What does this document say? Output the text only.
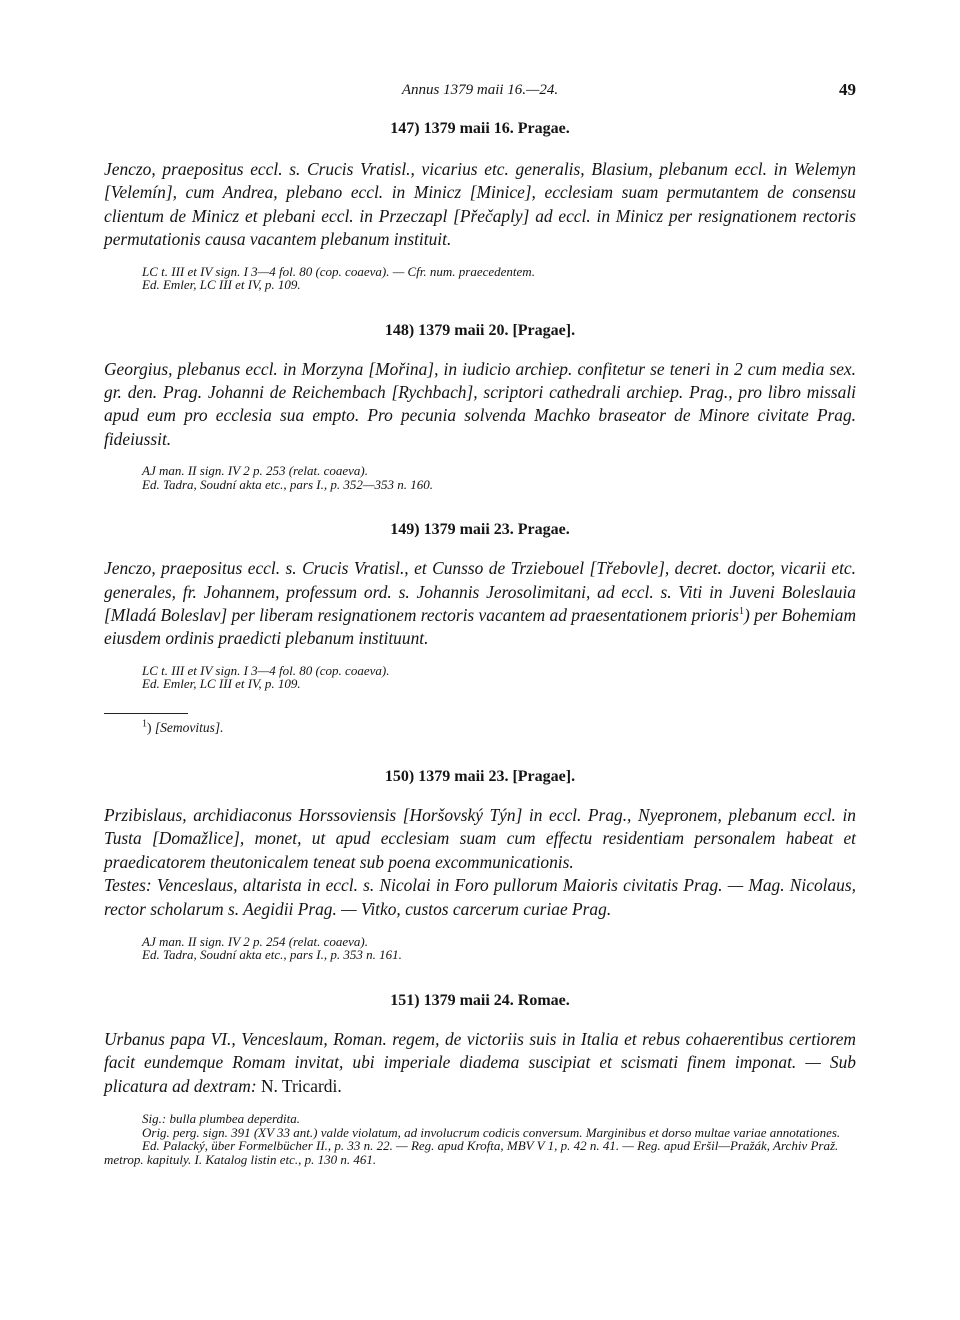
Annus 1379 maii 16.—24.	49

147) 1379 maii 16. Pragae.

Jenczo, praepositus eccl. s. Crucis Vratisl., vicarius etc. generalis, Blasium, plebanum eccl. in Welemyn [Velemín], cum Andrea, plebano eccl. in Minicz [Minice], ecclesiam suam permutantem de consensu clientum de Minicz et plebani eccl. in Przeczapl [Přečaply] ad eccl. in Minicz per resignationem rectoris permutationis causa vacantem plebanum instituit.

LC t. III et IV sign. I 3—4 fol. 80 (cop. coaeva). — Cfr. num. praecedentem.

Ed. Emler, LC III et IV, p. 109.

148) 1379 maii 20. [Pragae].

Georgius, plebanus eccl. in Morzyna [Mořina], in iudicio archiep. confitetur se teneri in 2 cum media sex. gr. den. Prag. Johanni de Reichembach [Rychbach], scriptori cathedrali archiep. Prag., pro libro missali apud eum pro ecclesia sua empto. Pro pecunia solvenda Machko braseator de Minore civitate Prag. fideiussit.

AJ man. II sign. IV 2 p. 253 (relat. coaeva).

Ed. Tadra, Soudní akta etc., pars I., p. 352—353 n. 160.

149) 1379 maii 23. Pragae.

Jenczo, praepositus eccl. s. Crucis Vratisl., et Cunsso de Trziebouel [Třebovle], decret. doctor, vicarii etc. generales, fr. Johannem, professum ord. s. Johannis Jerosolimitani, ad eccl. s. Viti in Juveni Boleslauia [Mladá Boleslav] per liberam resignationem rectoris vacantem ad praesentationem prioris$^1$) per Bohemiam eiusdem ordinis praedicti plebanum instituunt.

LC t. III et IV sign. I 3—4 fol. 80 (cop. coaeva).

Ed. Emler, LC III et IV, p. 109.

$^1$) [Semovitus].

150) 1379 maii 23. [Pragae].

Przibislaus, archidiaconus Horssoviensis [Horšovský Týn] in eccl. Prag., Nyepronem, plebanum eccl. in Tusta [Domažlice], monet, ut apud ecclesiam suam cum effectu residentiam personalem habeat et praedicatorem theutonicalem teneat sub poena excommunicationis.

Testes: Venceslaus, altarista in eccl. s. Nicolai in Foro pullorum Maioris civitatis Prag. — Mag. Nicolaus, rector scholarum s. Aegidii Prag. — Vitko, custos carcerum curiae Prag.

AJ man. II sign. IV 2 p. 254 (relat. coaeva).

Ed. Tadra, Soudní akta etc., pars I., p. 353 n. 161.

151) 1379 maii 24. Romae.

Urbanus papa VI., Venceslaum, Roman. regem, de victoriis suis in Italia et rebus cohaerentibus certiorem facit eundemque Romam invitat, ubi imperiale diadema suscipiat et scismati finem imponat. — Sub plicatura ad dextram: N. Tricardi.

Sig.: bulla plumbea deperdita.

Orig. perg. sign. 391 (XV 33 ant.) valde violatum, ad involucrum codicis conversum. Marginibus et dorso multae variae annotationes.

Ed. Palacký, über Formelbücher II., p. 33 n. 22. — Reg. apud Krofta, MBV V 1, p. 42 n. 41. — Reg. apud Eršil—Pražák, Archiv Praž. metrop. kapituly. I. Katalog listin etc., p. 130 n. 461.
